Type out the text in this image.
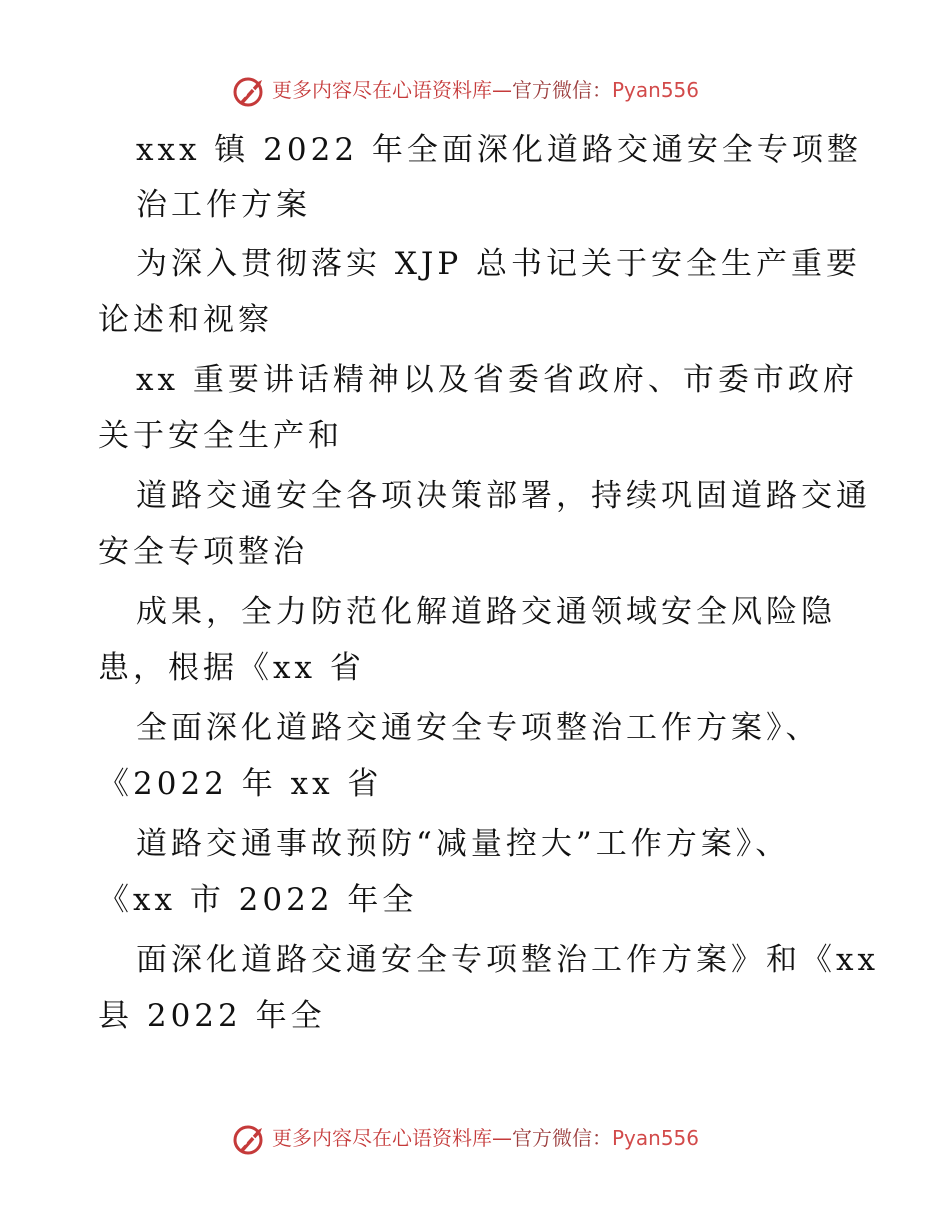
更多内容尽在心语资料库—官方微信：Pyan556
xxx 镇 2022 年全面深化道路交通安全专项整
治工作方案
为深入贯彻落实 XJP 总书记关于安全生产重要
论述和视察
xx 重要讲话精神以及省委省政府、市委市政府
关于安全生产和
道路交通安全各项决策部署，持续巩固道路交通
安全专项整治
成果，全力防范化解道路交通领域安全风险隐
患，根据《xx 省
全面深化道路交通安全专项整治工作方案》、
《2022 年 xx 省
道路交通事故预防“减量控大”工作方案》、
《xx 市 2022 年全
面深化道路交通安全专项整治工作方案》和《xx
县 2022 年全
更多内容尽在心语资料库—官方微信：Pyan556
